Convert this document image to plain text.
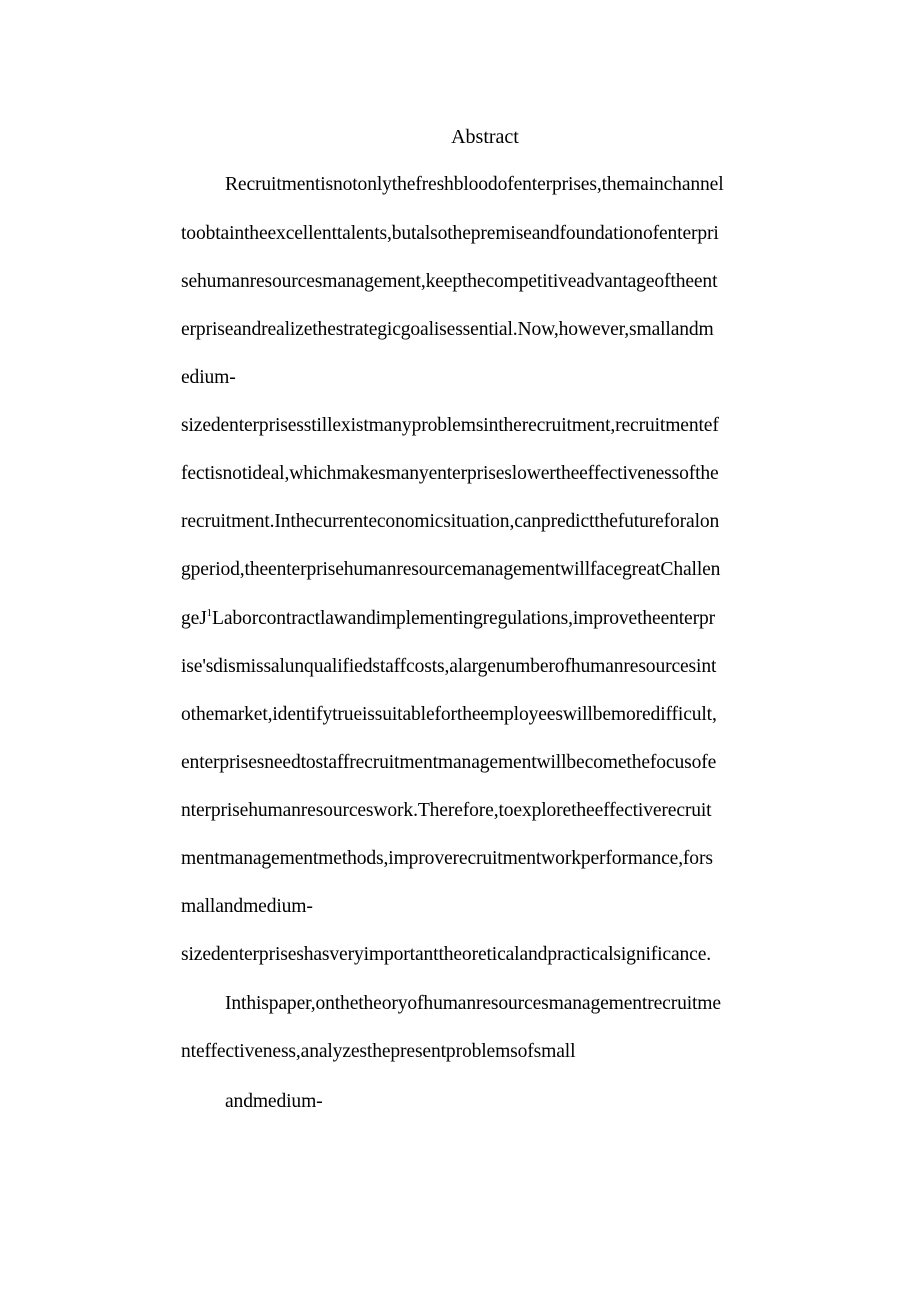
Abstract
Recruitmentisnotonlythefreshbloodofenterprises,themainchannel
toobtaintheexcellenttalents,butalsothepremiseandfoundationofenterpri
sehumanresourcesmanagement,keepthecompetitiveadvantageoftheent
erpriseandrealizethestrategicgoalisessential.Now,however,smallandm
edium-
sizedenterprisesstillexistmanyproblemsintherecruitment,recruitmentef
fectisnotideal,whichmakesmanyenterpriseslowertheeffectivenessofthe
recruitment.Inthecurrenteconomicsituation,canpredictthefutureforalon
gperiod,theenterprisehumanresourcemanagementwillfacegreatChallen
geJ$^1$Laborcontractlawandimplementingregulations,improvetheenterpr
ise'sdismissalunqualifiedstaffcosts,alargenumberofhumanresourcesint
othemarket,identifytrueissuitablefortheemployeeswillbemoredifficult,
enterprisesneedtostaffrecruitmentmanagementwillbecomethefocusofe
nterprisehumanresourceswork.Therefore,toexploretheeffectiverecruit
mentmanagementmethods,improverecruitmentworkperformance,fors
mallandmedium-
sizedenterpriseshasveryimportanttheoreticalandpracticalsignificance.
Inthispaper,onthetheoryofhumanresourcesmanagementrecruitme
nteffectiveness,analyzesthepresentproblemsofsmall
andmedium-
